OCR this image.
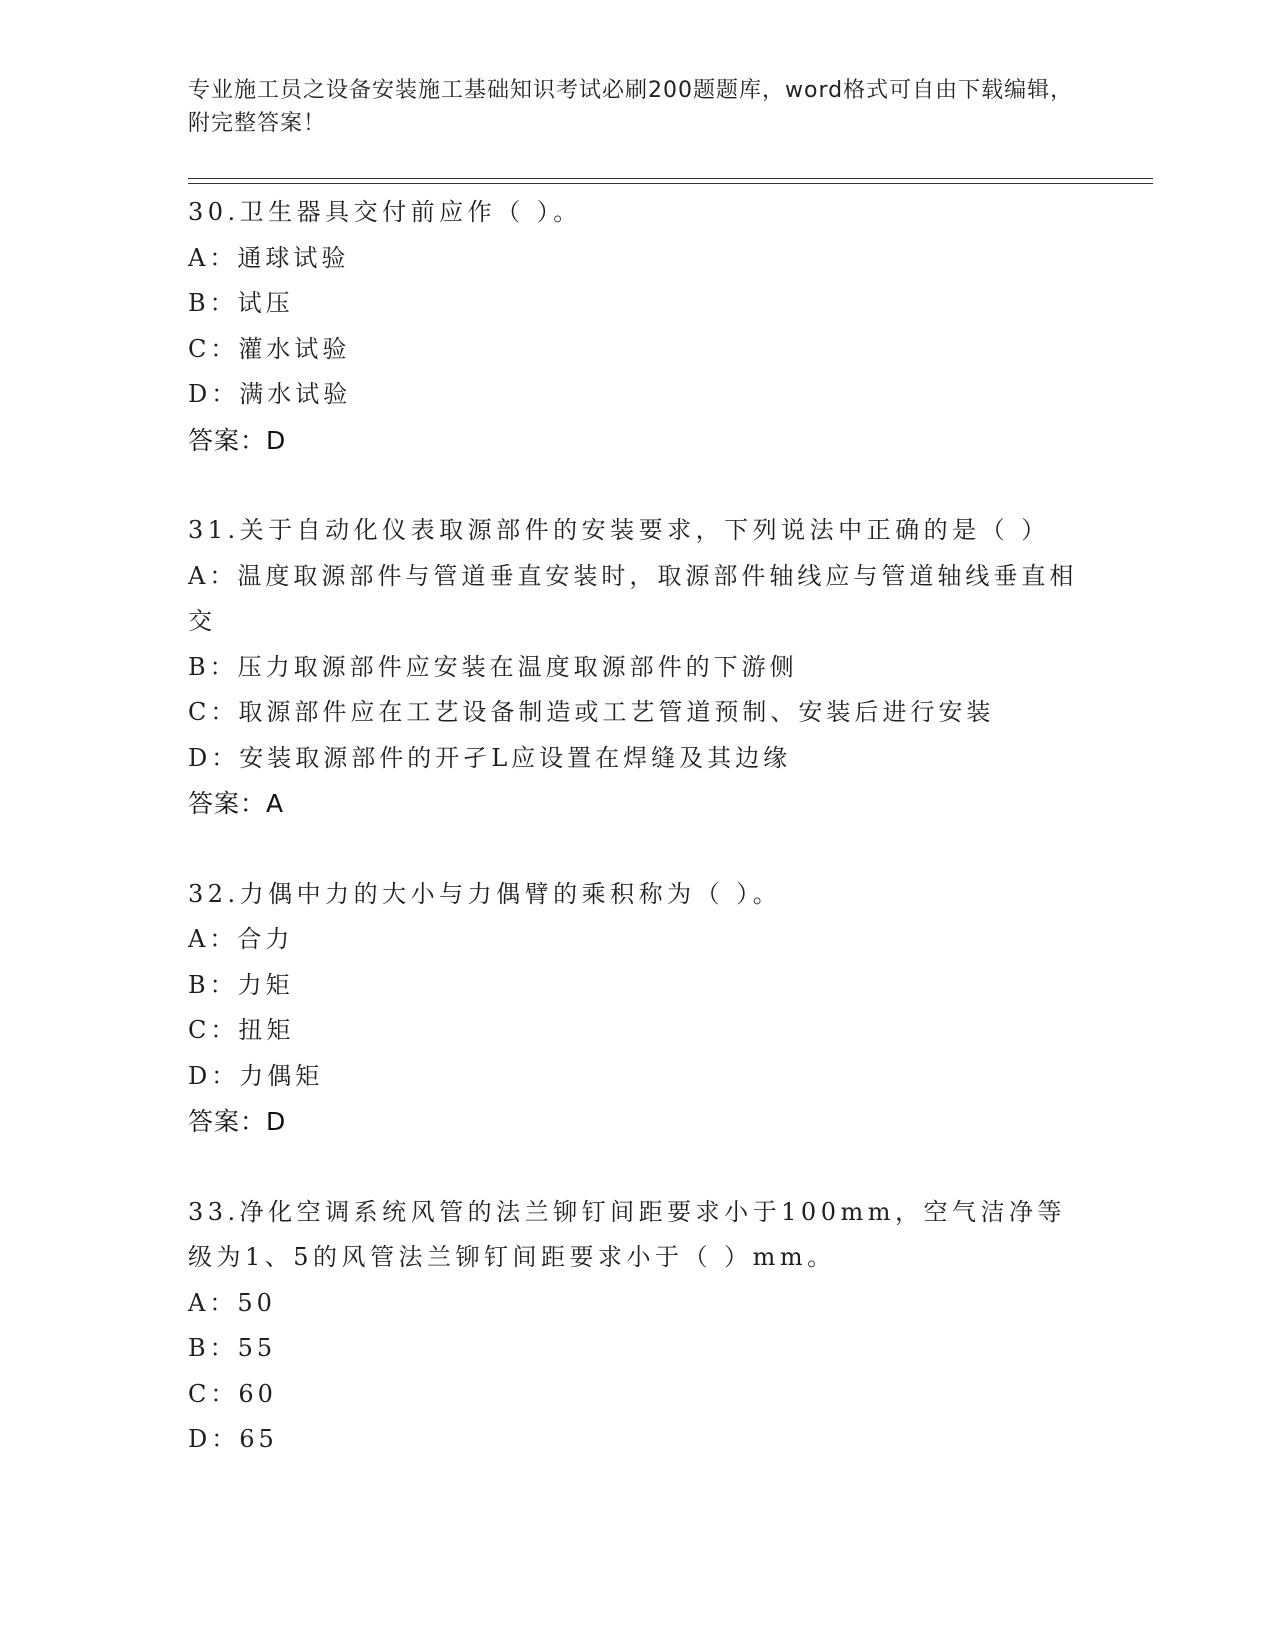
专业施工员之设备安装施工基础知识考试必刷200题题库，word格式可自由下载编辑，附完整答案！
30.卫生器具交付前应作（ ）。
A：通球试验
B：试压
C：灌水试验
D：满水试验
答案：D
31.关于自动化仪表取源部件的安装要求，下列说法中正确的是（ ）
A：温度取源部件与管道垂直安装时，取源部件轴线应与管道轴线垂直相交
B：压力取源部件应安装在温度取源部件的下游侧
C：取源部件应在工艺设备制造或工艺管道预制、安装后进行安装
D：安装取源部件的开孑L应设置在焊缝及其边缘
答案：A
32.力偶中力的大小与力偶臂的乘积称为（ ）。
A：合力
B：力矩
C：扭矩
D：力偶矩
答案：D
33.净化空调系统风管的法兰铆钉间距要求小于100mm，空气洁净等级为1、5的风管法兰铆钉间距要求小于（ ）mm。
A：50
B：55
C：60
D：65
